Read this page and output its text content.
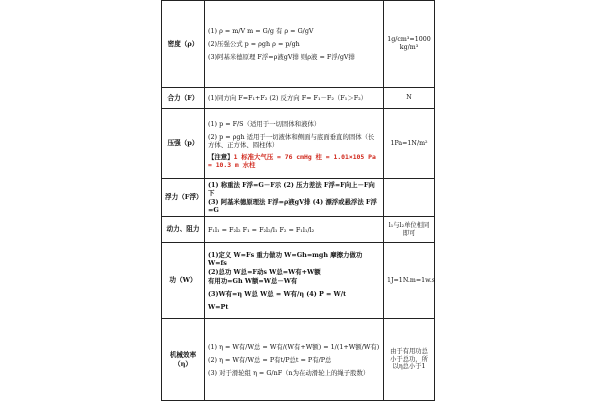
密度（ρ）	(1) ρ = m/V m = G/g 有 ρ = G/gV
(2)压强公式 p = ρgh ρ = p/gh
(3)阿基米德原理 F浮=ρ液gV排 则ρ液 = F浮/gV排	1g/cm³=1000 kg/m³
合力（F）	(1)同方向 F=F₁+F₂ (2) 反方向 F= F₁－F₂（F₁＞F₂）	N
压强（p）	(1) p = F/S（适用于一切固体和液体）
(2) p = ρgh 适用于一切液体和侧面与底面垂直的固体（长方体、正方体、圆柱体）
【注意】1 标准大气压 = 76 cmHg 柱 = 1.01×105 Pa = 10.3 m 水柱	1Pa=1N/m²
浮力（F浮）	(1) 称重法 F浮=G－F示 (2) 压力差法 F浮=F向上－F向下
(3) 阿基米德原理法 F浮=ρ液gV排 (4) 漂浮或悬浮法 F浮=G	

动力、阻力	F₁l₁ = F₂l₂ F₁ = F₂l₂/l₁ F₂ = F₁l₁/l₂	l₁与l₂单位相同即可
功（W）	(1)定义 W=Fs 重力做功 W=Gh=mgh 摩擦力做功 W=fs
(2)总功 W总=F动s W总=W有+W额
有用功=Gh W额=W总－W有
(3)W有=η W总 W总 = W有/η (4) P = W/t
W=Pt	1J=1N.m=1w.s
机械效率（η）	(1) η = W有/W总 = W有/(W有+W额) = 1/(1+W额/W有)
(2) η = W有/W总 = P有t/P总t = P有/P总
(3) 对于滑轮组 η = G/nF（n为在动滑轮上的绳子股数）	由于有用功总小于总功，所以η总小于1
